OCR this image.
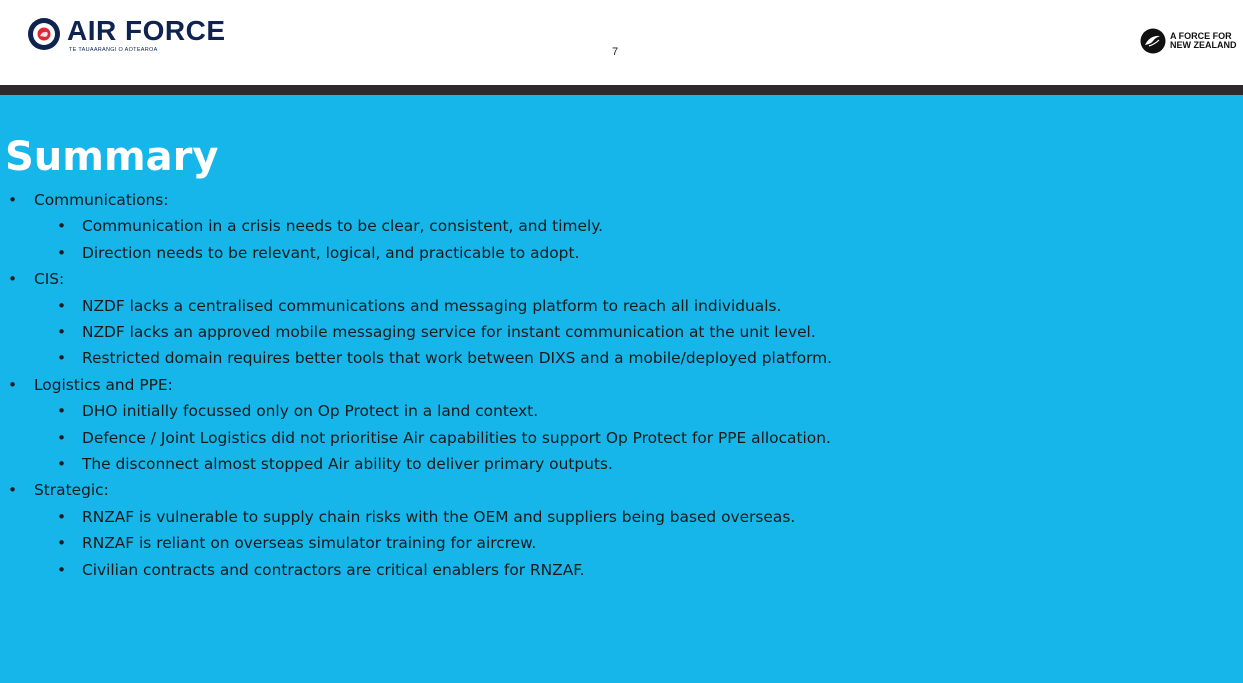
AIR FORCE
TE TAUAARANGI O AOTEAROA	7
A FORCE FOR
NEW ZEALAND
Summary
• Communications:
• Communication in a crisis needs to be clear, consistent, and timely.
• Direction needs to be relevant, logical, and practicable to adopt.
• CIS:
• NZDF lacks a centralised communications and messaging platform to reach all individuals.
• NZDF lacks an approved mobile messaging service for instant communication at the unit level.
• Restricted domain requires better tools that work between DIXS and a mobile/deployed platform.
• Logistics and PPE:
• DHO initially focussed only on Op Protect in a land context.
• Defence / Joint Logistics did not prioritise Air capabilities to support Op Protect for PPE allocation.
• The disconnect almost stopped Air ability to deliver primary outputs.
• Strategic:
• RNZAF is vulnerable to supply chain risks with the OEM and suppliers being based overseas.
• RNZAF is reliant on overseas simulator training for aircrew.
• Civilian contracts and contractors are critical enablers for RNZAF.
